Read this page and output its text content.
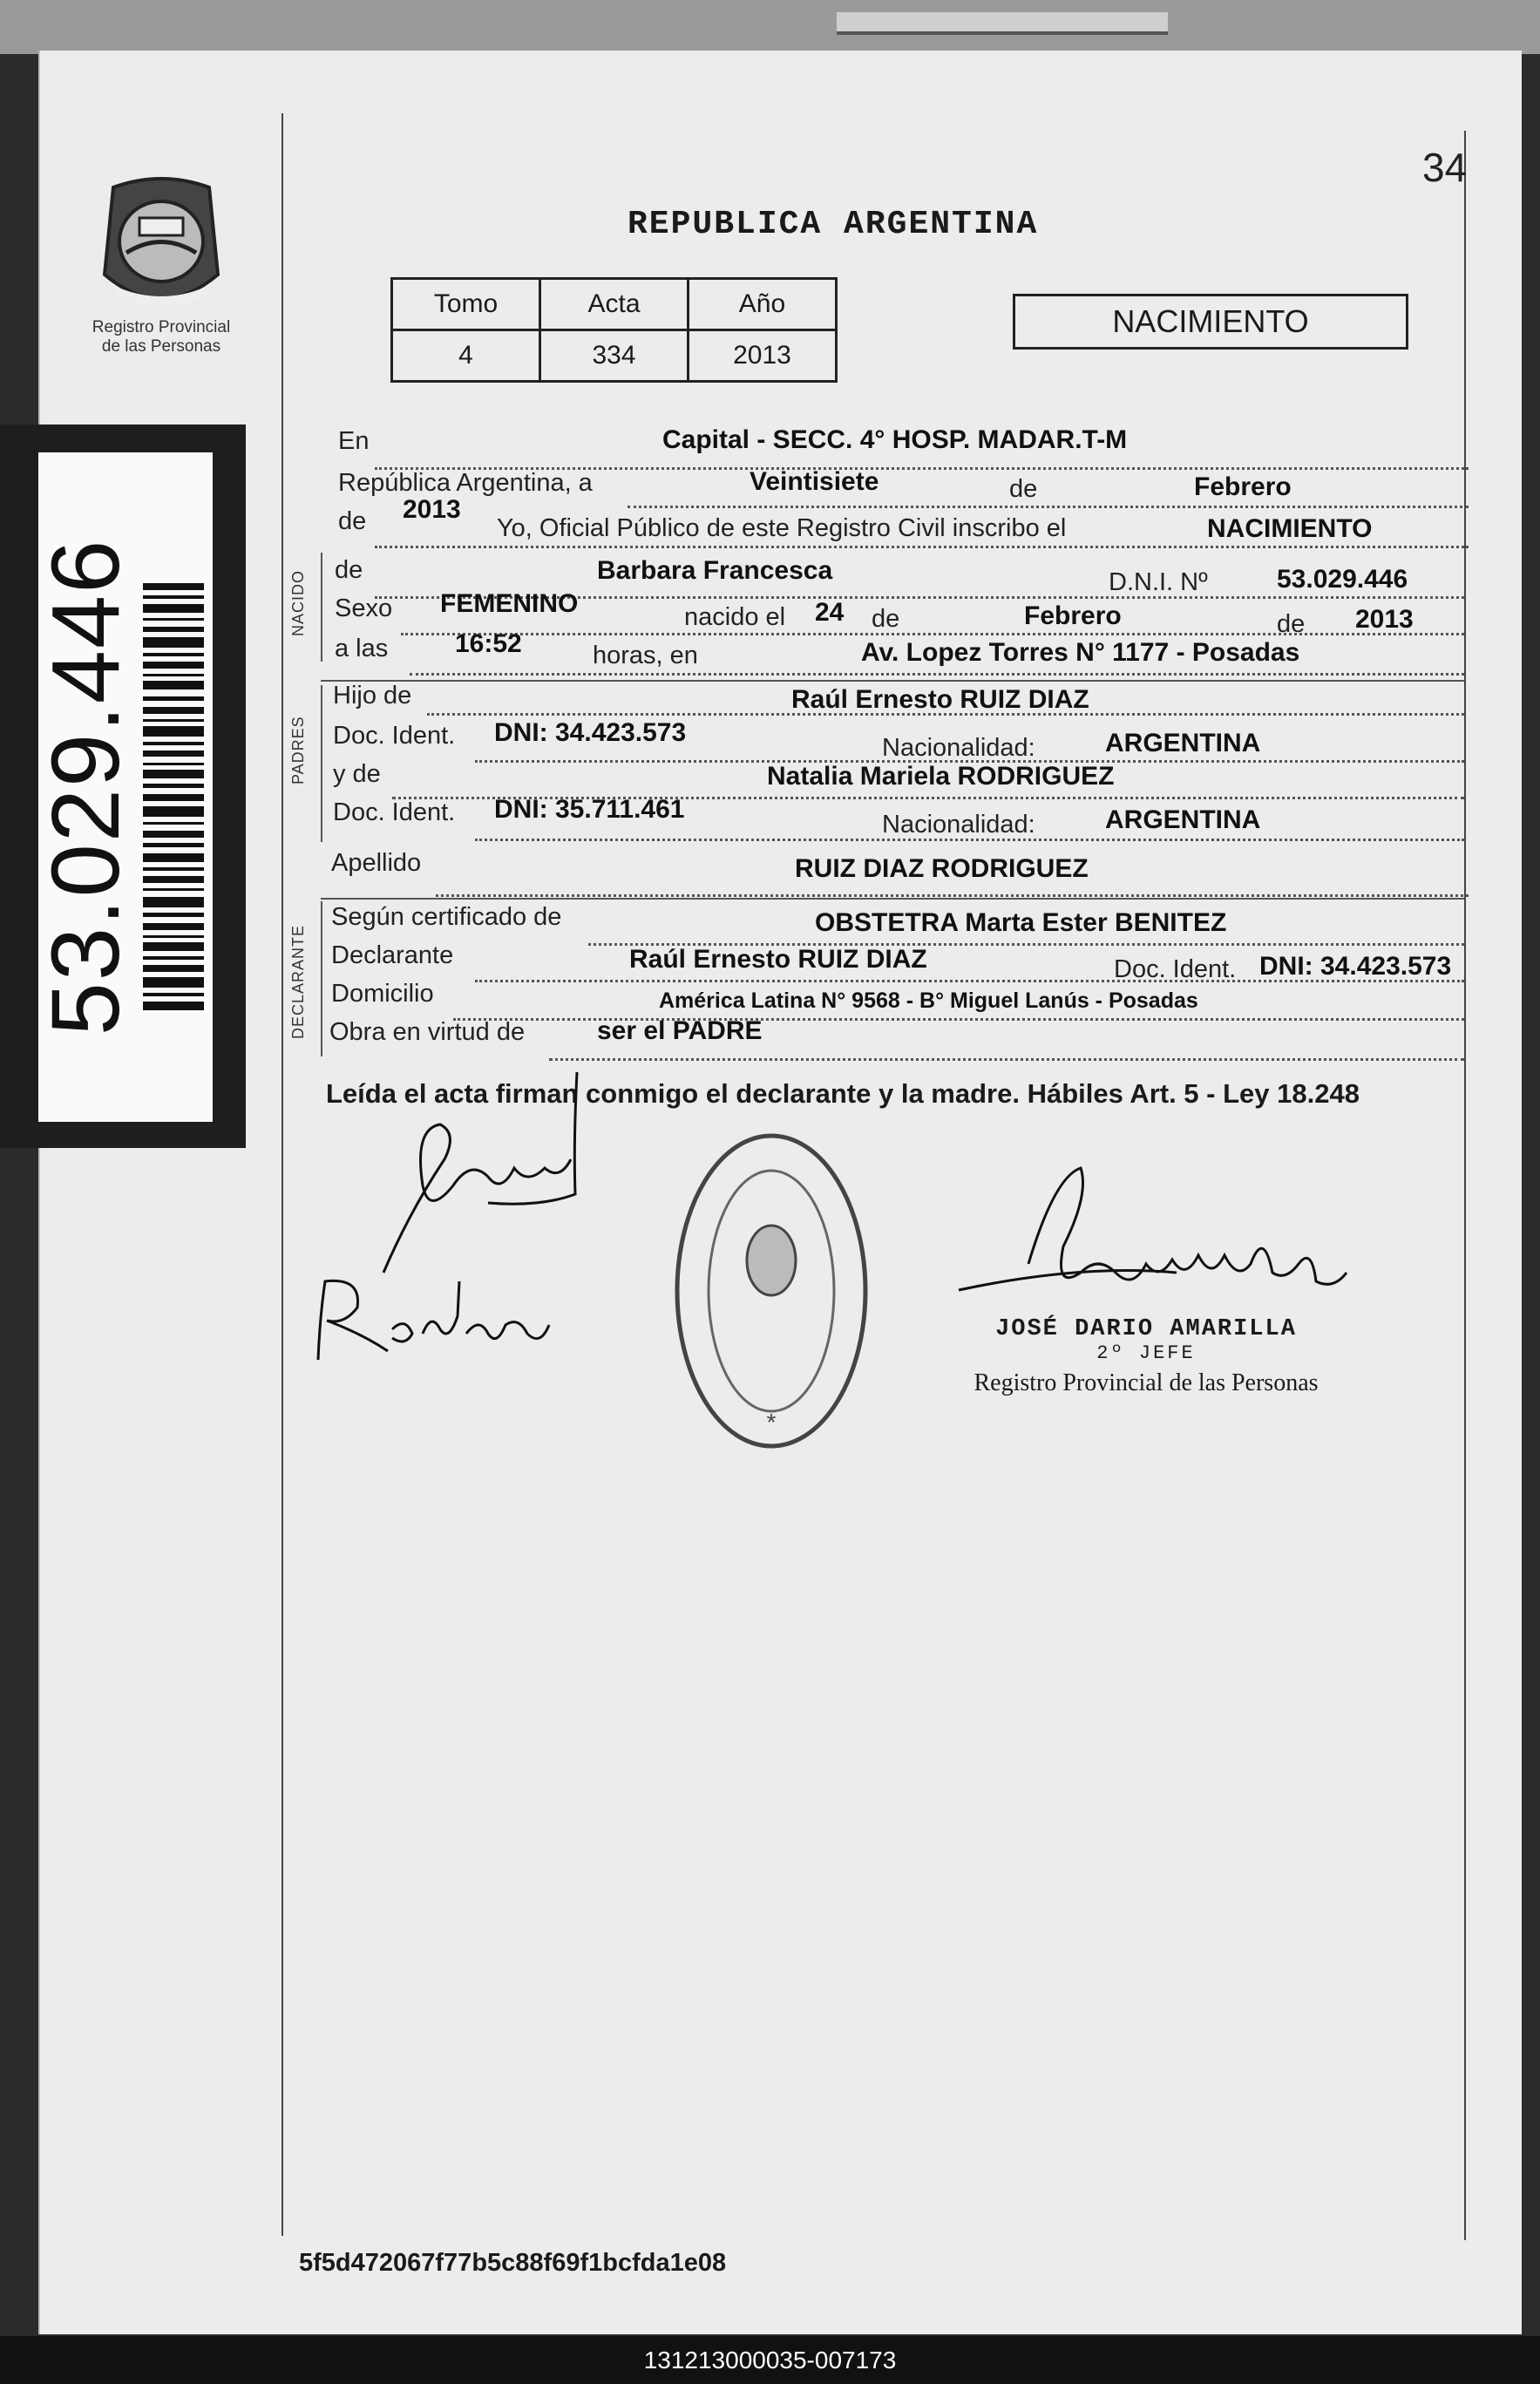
Registro Provincial
de las Personas
53.029.446
34
REPUBLICA ARGENTINA
Tomo	Acta	Año
4	334	2013
NACIMIENTO
NACIDO
PADRES
DECLARANTE
En	Capital - SECC. 4° HOSP. MADAR.T-M
República Argentina, a	Veintisiete	de	Febrero
de 2013
Yo, Oficial Público de este Registro Civil inscribo el	NACIMIENTO
de	Barbara Francesca	D.N.I. Nº	53.029.446
Sexo FEMENINO	nacido el 24 de	Febrero	de 2013
a las	16:52	horas, en	Av. Lopez Torres N° 1177 - Posadas
Hijo de	Raúl Ernesto RUIZ DIAZ
Doc. Ident. DNI: 34.423.573
Nacionalidad:	ARGENTINA
y de	Natalia Mariela RODRIGUEZ
Doc. Ident. DNI: 35.711.461
Nacionalidad:	ARGENTINA
Apellido	RUIZ DIAZ RODRIGUEZ
Según certificado de	OBSTETRA Marta Ester BENITEZ
Declarante	Raúl Ernesto RUIZ DIAZ	Doc. Ident. DNI: 34.423.573
Domicilio	América Latina N° 9568 - B° Miguel Lanús - Posadas
Obra en virtud de	ser el PADRE
Leída el acta firman conmigo el declarante y la madre. Hábiles Art. 5 - Ley 18.248
*
JOSÉ DARIO AMARILLA
2º JEFE
Registro Provincial de las Personas
5f5d472067f77b5c88f69f1bcfda1e08
131213000035-007173
